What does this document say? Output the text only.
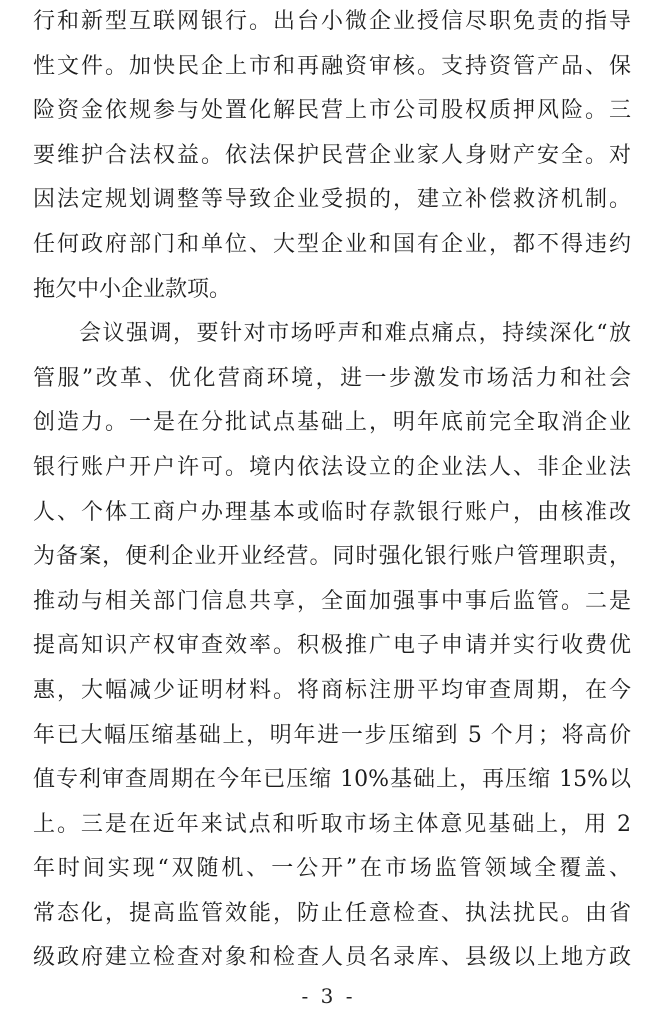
行和新型互联网银行。出台小微企业授信尽职免责的指导
性文件。加快民企上市和再融资审核。支持资管产品、保
险资金依规参与处置化解民营上市公司股权质押风险。三
要维护合法权益。依法保护民营企业家人身财产安全。对
因法定规划调整等导致企业受损的，建立补偿救济机制。
任何政府部门和单位、大型企业和国有企业，都不得违约
拖欠中小企业款项。
会议强调，要针对市场呼声和难点痛点，持续深化“放
管服”改革、优化营商环境，进一步激发市场活力和社会
创造力。一是在分批试点基础上，明年底前完全取消企业
银行账户开户许可。境内依法设立的企业法人、非企业法
人、个体工商户办理基本或临时存款银行账户，由核准改
为备案，便利企业开业经营。同时强化银行账户管理职责，
推动与相关部门信息共享，全面加强事中事后监管。二是
提高知识产权审查效率。积极推广电子申请并实行收费优
惠，大幅减少证明材料。将商标注册平均审查周期，在今
年已大幅压缩基础上，明年进一步压缩到 5 个月；将高价
值专利审查周期在今年已压缩 10%基础上，再压缩 15%以
上。三是在近年来试点和听取市场主体意见基础上，用 2
年时间实现“双随机、一公开”在市场监管领域全覆盖、
常态化，提高监管效能，防止任意检查、执法扰民。由省
级政府建立检查对象和检查人员名录库、县级以上地方政
- 3 -
